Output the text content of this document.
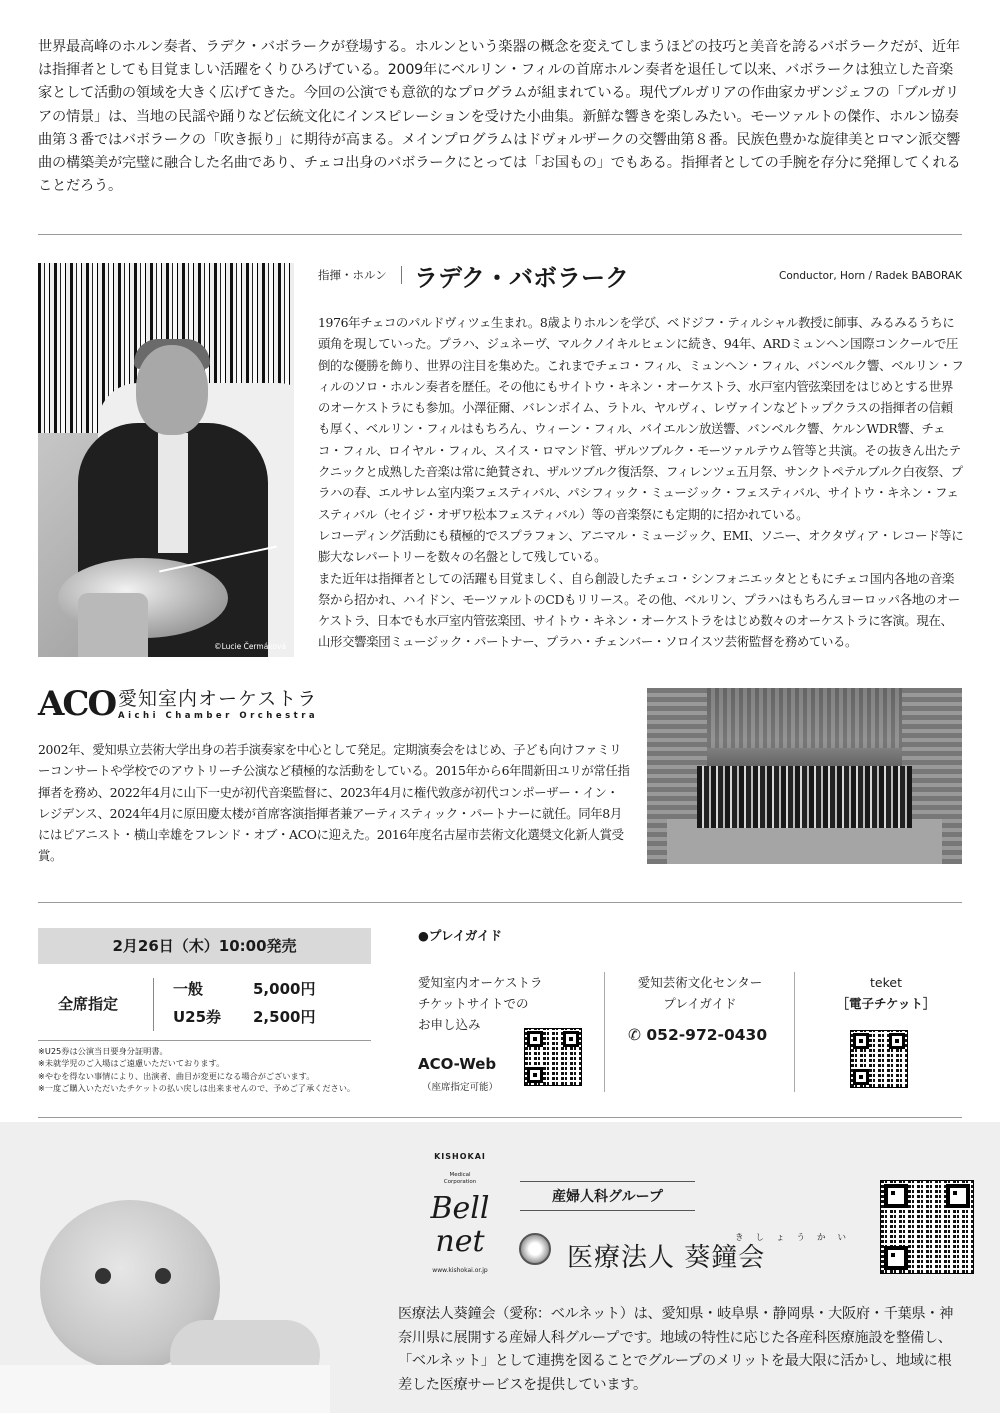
世界最高峰のホルン奏者、ラデク・バボラークが登場する。ホルンという楽器の概念を変えてしまうほどの技巧と美音を誇るバボラークだが、近年は指揮者としても目覚ましい活躍をくりひろげている。2009年にベルリン・フィルの首席ホルン奏者を退任して以来、バボラークは独立した音楽家として活動の領域を大きく広げてきた。今回の公演でも意欲的なプログラムが組まれている。現代ブルガリアの作曲家カザンジェフの「ブルガリアの情景」は、当地の民謡や踊りなど伝統文化にインスピレーションを受けた小曲集。新鮮な響きを楽しみたい。モーツァルトの傑作、ホルン協奏曲第３番ではバボラークの「吹き振り」に期待が高まる。メインプログラムはドヴォルザークの交響曲第８番。民族色豊かな旋律美とロマン派交響曲の構築美が完璧に融合した名曲であり、チェコ出身のバボラークにとっては「お国もの」でもある。指揮者としての手腕を存分に発揮してくれることだろう。
©Lucie Čermáková
指揮・ホルン ラデク・バボラーク	Conductor, Horn / Radek BABORAK

1976年チェコのパルドヴィツェ生まれ。8歳よりホルンを学び、ベドジフ・ティルシャル教授に師事、みるみるうちに頭角を現していった。プラハ、ジュネーヴ、マルクノイキルヒェンに続き、94年、ARDミュンヘン国際コンクールで圧倒的な優勝を飾り、世界の注目を集めた。これまでチェコ・フィル、ミュンヘン・フィル、バンベルク響、ベルリン・フィルのソロ・ホルン奏者を歴任。その他にもサイトウ・キネン・オーケストラ、水戸室内管弦楽団をはじめとする世界のオーケストラにも参加。小澤征爾、バレンボイム、ラトル、ヤルヴィ、レヴァインなどトップクラスの指揮者の信頼も厚く、ベルリン・フィルはもちろん、ウィーン・フィル、バイエルン放送響、バンベルク響、ケルンWDR響、チェコ・フィル、ロイヤル・フィル、スイス・ロマンド管、ザルツブルク・モーツァルテウム管等と共演。その抜きん出たテクニックと成熟した音楽は常に絶賛され、ザルツブルク復活祭、フィレンツェ五月祭、サンクトペテルブルク白夜祭、プラハの春、エルサレム室内楽フェスティバル、パシフィック・ミュージック・フェスティバル、サイトウ・キネン・フェスティバル（セイジ・オザワ松本フェスティバル）等の音楽祭にも定期的に招かれている。

レコーディング活動にも積極的でスプラフォン、アニマル・ミュージック、EMI、ソニー、オクタヴィア・レコード等に膨大なレパートリーを数々の名盤として残している。

また近年は指揮者としての活躍も目覚ましく、自ら創設したチェコ・シンフォニエッタとともにチェコ国内各地の音楽祭から招かれ、ハイドン、モーツァルトのCDもリリース。その他、ベルリン、プラハはもちろんヨーロッパ各地のオーケストラ、日本でも水戸室内管弦楽団、サイトウ・キネン・オーケストラをはじめ数々のオーケストラに客演。現在、山形交響楽団ミュージック・パートナー、プラハ・チェンバー・ソロイスツ芸術監督を務めている。

ACO 愛知室内オーケストラ
Aichi Chamber Orchestra
2002年、愛知県立芸術大学出身の若手演奏家を中心として発足。定期演奏会をはじめ、子ども向けファミリーコンサートや学校でのアウトリーチ公演など積極的な活動をしている。2015年から6年間新田ユリが常任指揮者を務め、2022年4月に山下一史が初代音楽監督に、2023年4月に権代敦彦が初代コンポーザー・イン・レジデンス、2024年4月に原田慶太楼が首席客演指揮者兼アーティスティック・パートナーに就任。同年8月にはピアニスト・横山幸雄をフレンド・オブ・ACOに迎えた。2016年度名古屋市芸術文化選奨文化新人賞受賞。
2月26日（木）10:00発売
全席指定
一般	5,000円
U25券 2,500円
※U25券は公演当日要身分証明書。
※未就学児のご入場はご遠慮いただいております。
※やむを得ない事情により、出演者、曲目が変更になる場合がございます。
※一度ご購入いただいたチケットの払い戻しは出来ませんので、予めご了承ください。
●プレイガイド
愛知室内オーケストラ
チケットサイトでの
お申し込み
ACO-Web
（座席指定可能）
愛知芸術文化センター
プレイガイド
✆ 052-972-0430
teket
［電子チケット］
KISHOKAI
Medical
Corporation
Bell
net
www.kishokai.or.jp
産婦人科グループ
きしょうかい
医療法人 葵鐘会
医療法人葵鐘会（愛称：ベルネット）は、愛知県・岐阜県・静岡県・大阪府・千葉県・神奈川県に展開する産婦人科グループです。地域の特性に応じた各産科医療施設を整備し、「ベルネット」として連携を図ることでグループのメリットを最大限に活かし、地域に根差した医療サービスを提供しています。
